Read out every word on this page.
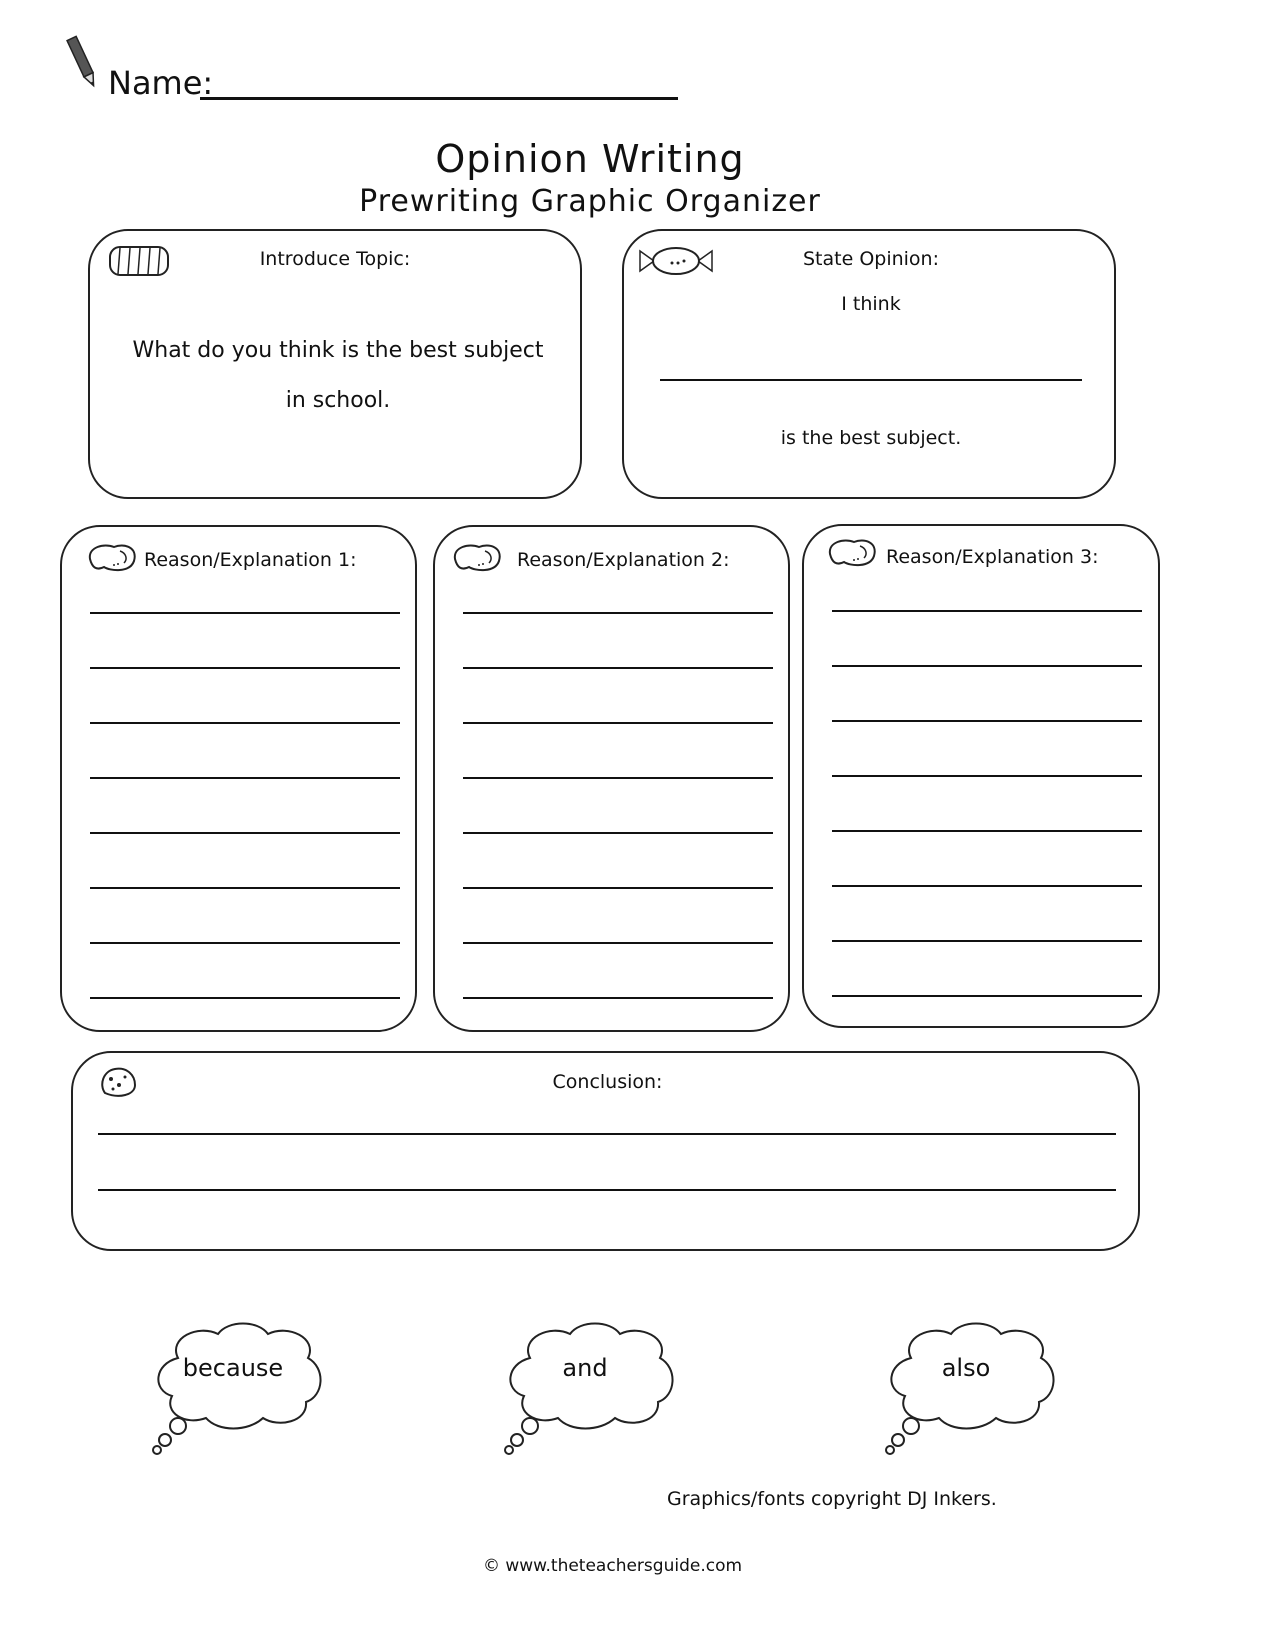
Name:
Opinion Writing
Prewriting Graphic Organizer
Introduce Topic:
What do you think is the best subject
in school.
State Opinion:
I think
is the best subject.
Reason/Explanation 1:	Reason/Explanation 2:	Reason/Explanation 3:
Conclusion:
because	and	also
Graphics/fonts copyright DJ Inkers.
© www.theteachersguide.com
